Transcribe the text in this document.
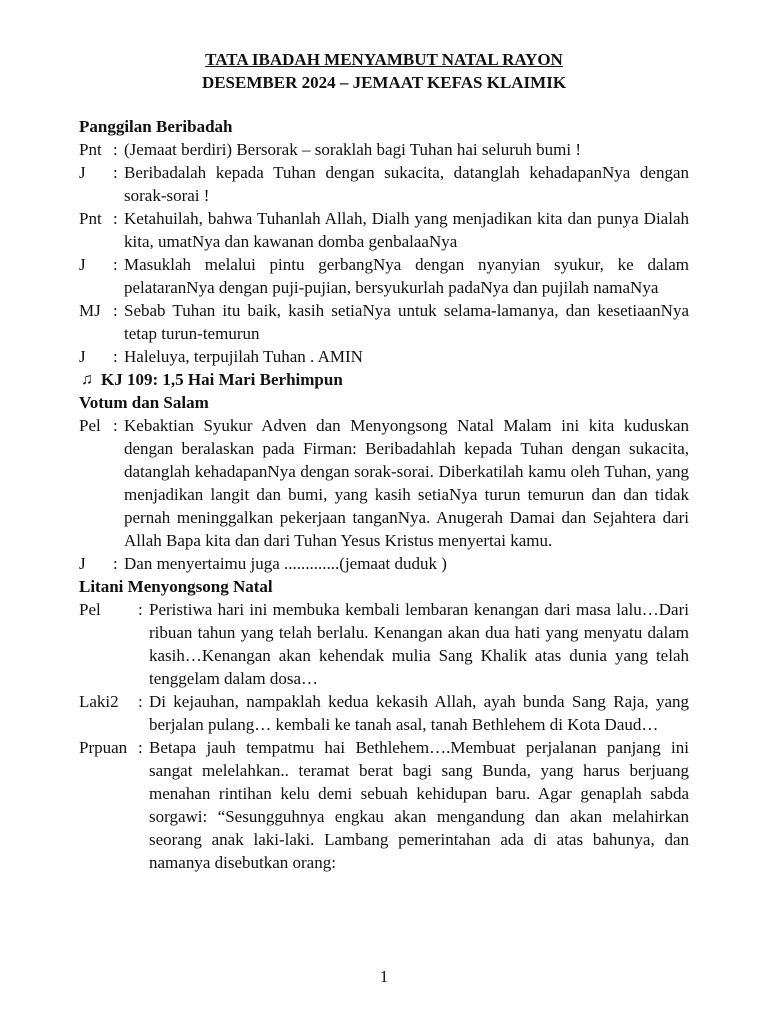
TATA IBADAH MENYAMBUT NATAL RAYON
DESEMBER 2024 – JEMAAT KEFAS KLAIMIK
Panggilan Beribadah
Pnt : (Jemaat berdiri) Bersorak – soraklah bagi Tuhan hai seluruh bumi !
J	: Beribadalah kepada Tuhan dengan sukacita, datanglah kehadapanNya dengan sorak-sorai !
Pnt : Ketahuilah, bahwa Tuhanlah Allah, Dialh yang menjadikan kita dan punya Dialah kita, umatNya dan kawanan domba genbalaaNya
J	: Masuklah melalui pintu gerbangNya dengan nyanyian syukur, ke dalam pelataranNya dengan puji-pujian, bersyukurlah padaNya dan pujilah namaNya
MJ : Sebab Tuhan itu baik, kasih setiaNya untuk selama-lamanya, dan kesetiaanNya tetap turun-temurun
J	: Haleluya, terpujilah Tuhan . AMIN
♫ KJ 109: 1,5 Hai Mari Berhimpun
Votum dan Salam
Pel : Kebaktian Syukur Adven dan Menyongsong Natal Malam ini kita kuduskan dengan beralaskan pada Firman: Beribadahlah kepada Tuhan dengan sukacita, datanglah kehadapanNya dengan sorak-sorai. Diberkatilah kamu oleh Tuhan, yang menjadikan langit dan bumi, yang kasih setiaNya turun temurun dan dan tidak pernah meninggalkan pekerjaan tanganNya. Anugerah Damai dan Sejahtera dari Allah Bapa kita dan dari Tuhan Yesus Kristus menyertai kamu.
J	: Dan menyertaimu juga .............(jemaat duduk )
Litani Menyongsong Natal
Pel	: Peristiwa hari ini membuka kembali lembaran kenangan dari masa lalu…Dari ribuan tahun yang telah berlalu. Kenangan akan dua hati yang menyatu dalam kasih…Kenangan akan kehendak mulia Sang Khalik atas dunia yang telah tenggelam dalam dosa…
Laki2	: Di kejauhan, nampaklah kedua kekasih Allah, ayah bunda Sang Raja, yang berjalan pulang… kembali ke tanah asal, tanah Bethlehem di Kota Daud…
Prpuan : Betapa jauh tempatmu hai Bethlehem….Membuat perjalanan panjang ini sangat melelahkan.. teramat berat bagi sang Bunda, yang harus berjuang menahan rintihan kelu demi sebuah kehidupan baru. Agar genaplah sabda sorgawi: “Sesungguhnya engkau akan mengandung dan akan melahirkan seorang anak laki-laki. Lambang pemerintahan ada di atas bahunya, dan namanya disebutkan orang:
1
